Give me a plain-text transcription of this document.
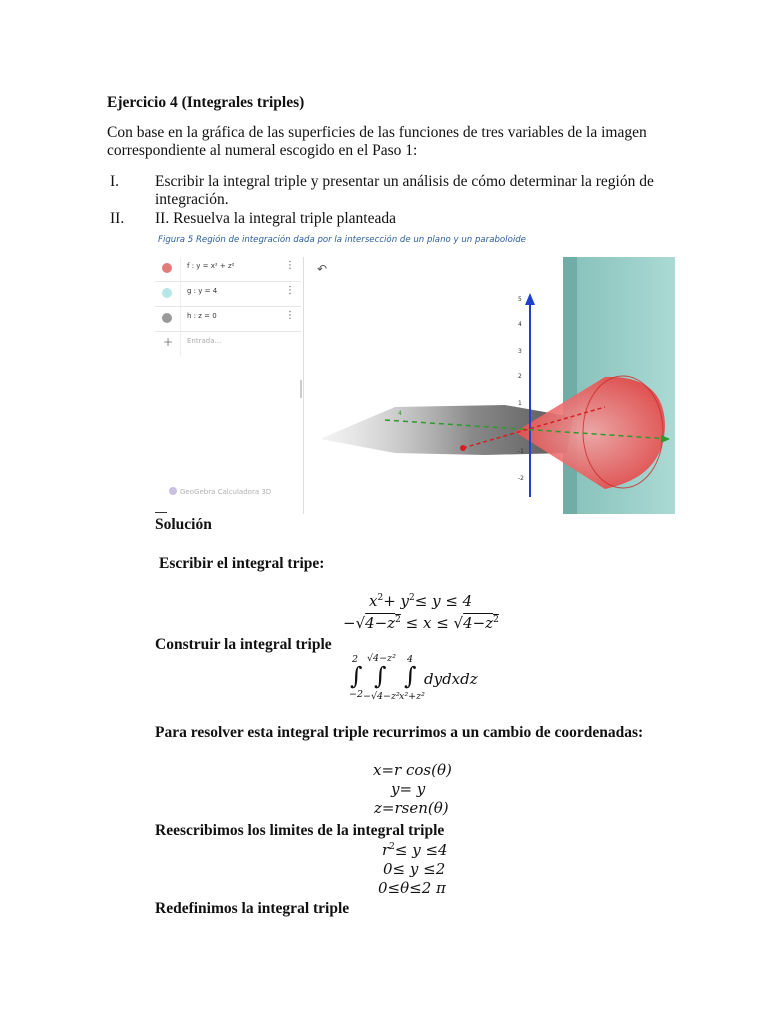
Ejercicio 4 (Integrales triples)
Con base en la gráfica de las superficies de las funciones de tres variables de la imagen
correspondiente al numeral escogido en el Paso 1:
I. Escribir la integral triple y presentar un análisis de cómo determinar la región de
integración.
II. II. Resuelva la integral triple planteada
Figura 5 Región de integración dada por la intersección de un plano y un paraboloide
f : y = x² + z²	⋮
g : y = 4	⋮
h : z = 0	⋮
+ Entrada...
GeoGebra Calculadora 3D
↶
5
4
3
2
1
-1
-2
4
Solución
Escribir el integral tripe:
$x^2+ y^2\le y \le 4$
$-√4-z^2 \le x \le √4-z^2$
Construir la integral triple
2
∫
−2
√4−z²
∫
−√4−z²
4
∫
x²+z²
dydxdz
Para resolver esta integral triple recurrimos a un cambio de coordenadas:
x=r cos(θ)
y= y
z=rsen(θ)
Reescribimos los limites de la integral triple
$r^2\le y \le 4$
0≤ y ≤2
0≤θ≤2 π
Redefinimos la integral triple
